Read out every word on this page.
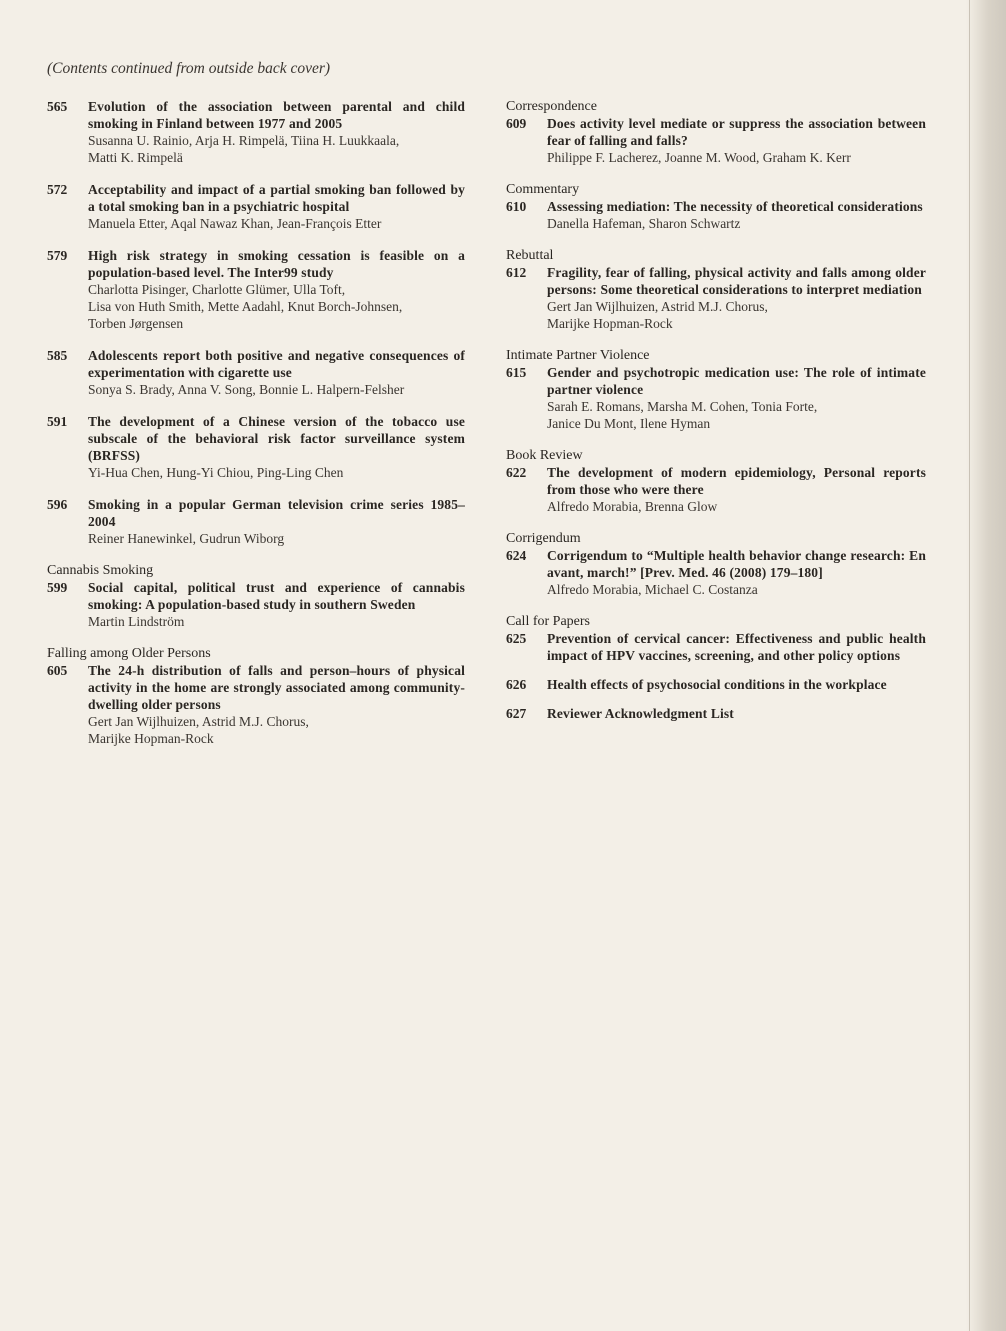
(Contents continued from outside back cover)
565	Evolution of the association between parental and child smoking in Finland between 1977 and 2005
Susanna U. Rainio, Arja H. Rimpelä, Tiina H. Luukkaala,
Matti K. Rimpelä
572	Acceptability and impact of a partial smoking ban followed by a total smoking ban in a psychiatric hospital
Manuela Etter, Aqal Nawaz Khan, Jean-François Etter
579	High risk strategy in smoking cessation is feasible on a population-based level. The Inter99 study
Charlotta Pisinger, Charlotte Glümer, Ulla Toft,
Lisa von Huth Smith, Mette Aadahl, Knut Borch-Johnsen,
Torben Jørgensen
585	Adolescents report both positive and negative consequences of experimentation with cigarette use
Sonya S. Brady, Anna V. Song, Bonnie L. Halpern-Felsher
591	The development of a Chinese version of the tobacco use subscale of the behavioral risk factor surveillance system (BRFSS)
Yi-Hua Chen, Hung-Yi Chiou, Ping-Ling Chen
596	Smoking in a popular German television crime series 1985–2004
Reiner Hanewinkel, Gudrun Wiborg
Cannabis Smoking
599	Social capital, political trust and experience of cannabis smoking: A population-based study in southern Sweden
Martin Lindström
Falling among Older Persons
605	The 24-h distribution of falls and person–hours of physical activity in the home are strongly associated among community-dwelling older persons
Gert Jan Wijlhuizen, Astrid M.J. Chorus,
Marijke Hopman-Rock
Correspondence
609	Does activity level mediate or suppress the association between fear of falling and falls?
Philippe F. Lacherez, Joanne M. Wood, Graham K. Kerr
Commentary
610	Assessing mediation: The necessity of theoretical considerations
Danella Hafeman, Sharon Schwartz
Rebuttal
612	Fragility, fear of falling, physical activity and falls among older persons: Some theoretical considerations to interpret mediation
Gert Jan Wijlhuizen, Astrid M.J. Chorus,
Marijke Hopman-Rock
Intimate Partner Violence
615	Gender and psychotropic medication use: The role of intimate partner violence
Sarah E. Romans, Marsha M. Cohen, Tonia Forte,
Janice Du Mont, Ilene Hyman
Book Review
622	The development of modern epidemiology, Personal reports from those who were there
Alfredo Morabia, Brenna Glow
Corrigendum
624	Corrigendum to “Multiple health behavior change research: En avant, march!” [Prev. Med. 46 (2008) 179–180]
Alfredo Morabia, Michael C. Costanza
Call for Papers
625	Prevention of cervical cancer: Effectiveness and public health impact of HPV vaccines, screening, and other policy options
626	Health effects of psychosocial conditions in the workplace
627	Reviewer Acknowledgment List
